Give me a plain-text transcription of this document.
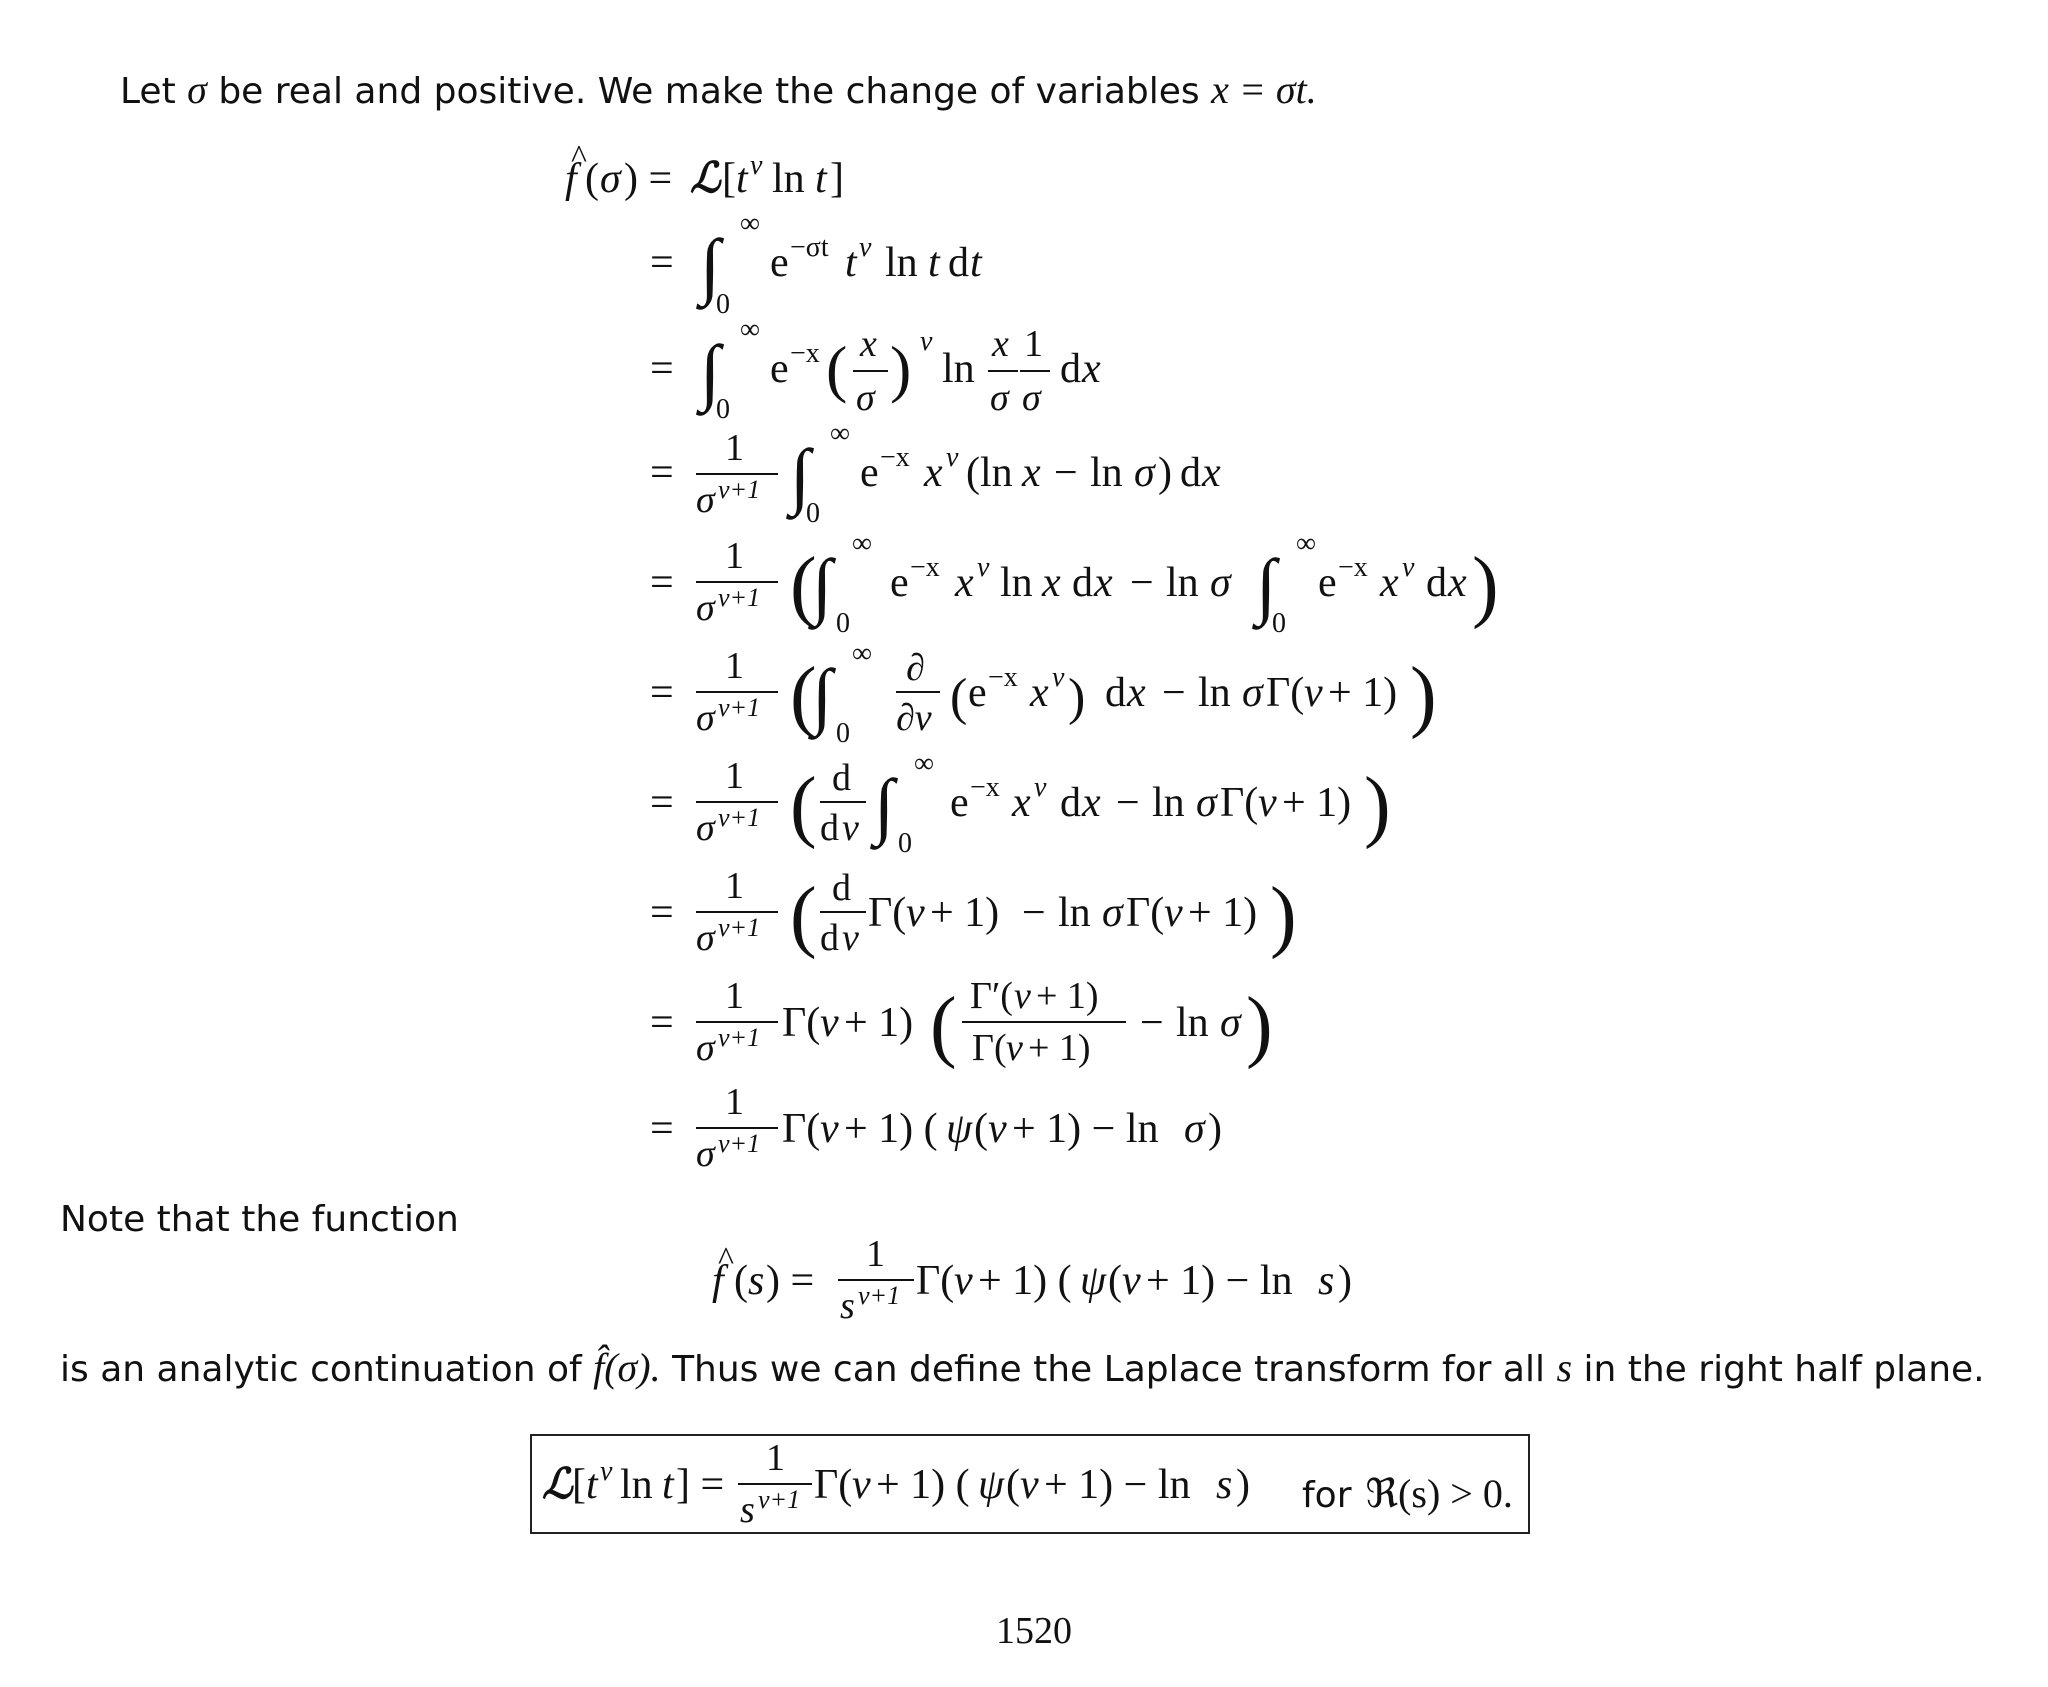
Let σ be real and positive. We make the change of variables x = σt.
f
^
( σ ) = ℒ [ t ν ln t ]
= ∫
∞
0
e −σt t ν ln t d t
= ∫
∞
0
e −x ( x
σ ) ν
ln
x
σ
1
σ
d x
=
1
σ ν+1 ∫
∞
0
e −x x ν (ln x − ln σ ) d x
=
1
σ ν+1 (
∫
∞
0
e −x x ν ln x d x − ln σ ∫
∞
0
e −x x ν d x )
=
1
σ ν+1 (
∫
∞
0
∂
∂ν ( e −x x ν ) d x − ln σ Γ( ν + 1) )
=
1
σ ν+1 ( d
d ν ∫
∞
0
e −x x ν d x − ln σ Γ( ν + 1) )
=
1
σ ν+1 ( d
d ν
Γ( ν + 1) − ln σ Γ( ν + 1) )
=
1
σ ν+1 Γ( ν + 1) ( Γ′( ν + 1)
Γ( ν + 1)
− ln σ )
=
1
σ ν+1 Γ( ν + 1) ( ψ ( ν + 1) − ln σ )
f
^ ( s ) =
1
s ν+1 Γ( ν + 1) ( ψ ( ν + 1) − ln s )
ℒ [ t ν ln t ] =
1
s ν+1 Γ( ν + 1) ( ψ ( ν + 1) − ln s )
Note that the function
is an analytic continuation of f̂(σ). Thus we can define the Laplace transform for all s in the right half plane.
for ℜ(s) > 0.
1520
